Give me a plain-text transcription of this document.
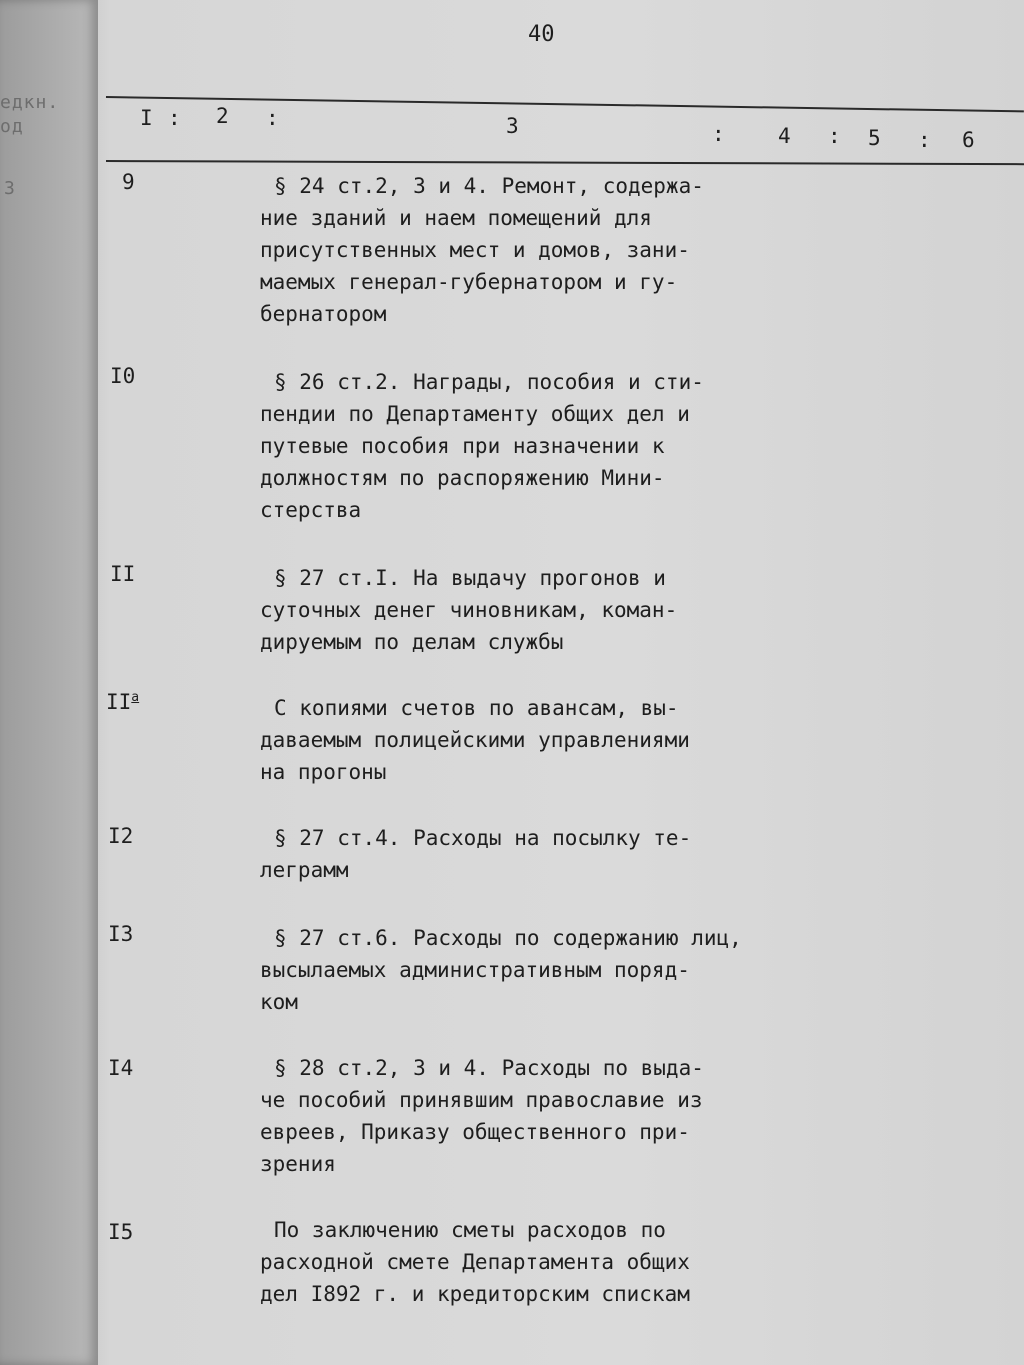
едкн.
од
3
40
I : 2 :	3	:	4 : 5 : 6
9	§ 24 ст.2, 3 и 4. Ремонт, содержа-
ние зданий и наем помещений для
присутственных мест и домов, зани-
маемых генерал-губернатором и гу-
бернатором
I0	§ 26 ст.2. Награды, пособия и сти-
пендии по Департаменту общих дел и
путевые пособия при назначении к
должностям по распоряжению Мини-
стерства
II	§ 27 ст.I. На выдачу прогонов и
суточных денег чиновникам, коман-
дируемым по делам службы
$II^а$	С копиями счетов по авансам, вы-
даваемым полицейскими управлениями
на прогоны
I2	§ 27 ст.4. Расходы на посылку те-
леграмм
I3	§ 27 ст.6. Расходы по содержанию лиц,
высылаемых административным поряд-
ком
I4	§ 28 ст.2, 3 и 4. Расходы по выда-
че пособий принявшим православие из
евреев, Приказу общественного при-
зрения
I5	По заключению сметы расходов по
расходной смете Департамента общих
дел I892 г. и кредиторским спискам
